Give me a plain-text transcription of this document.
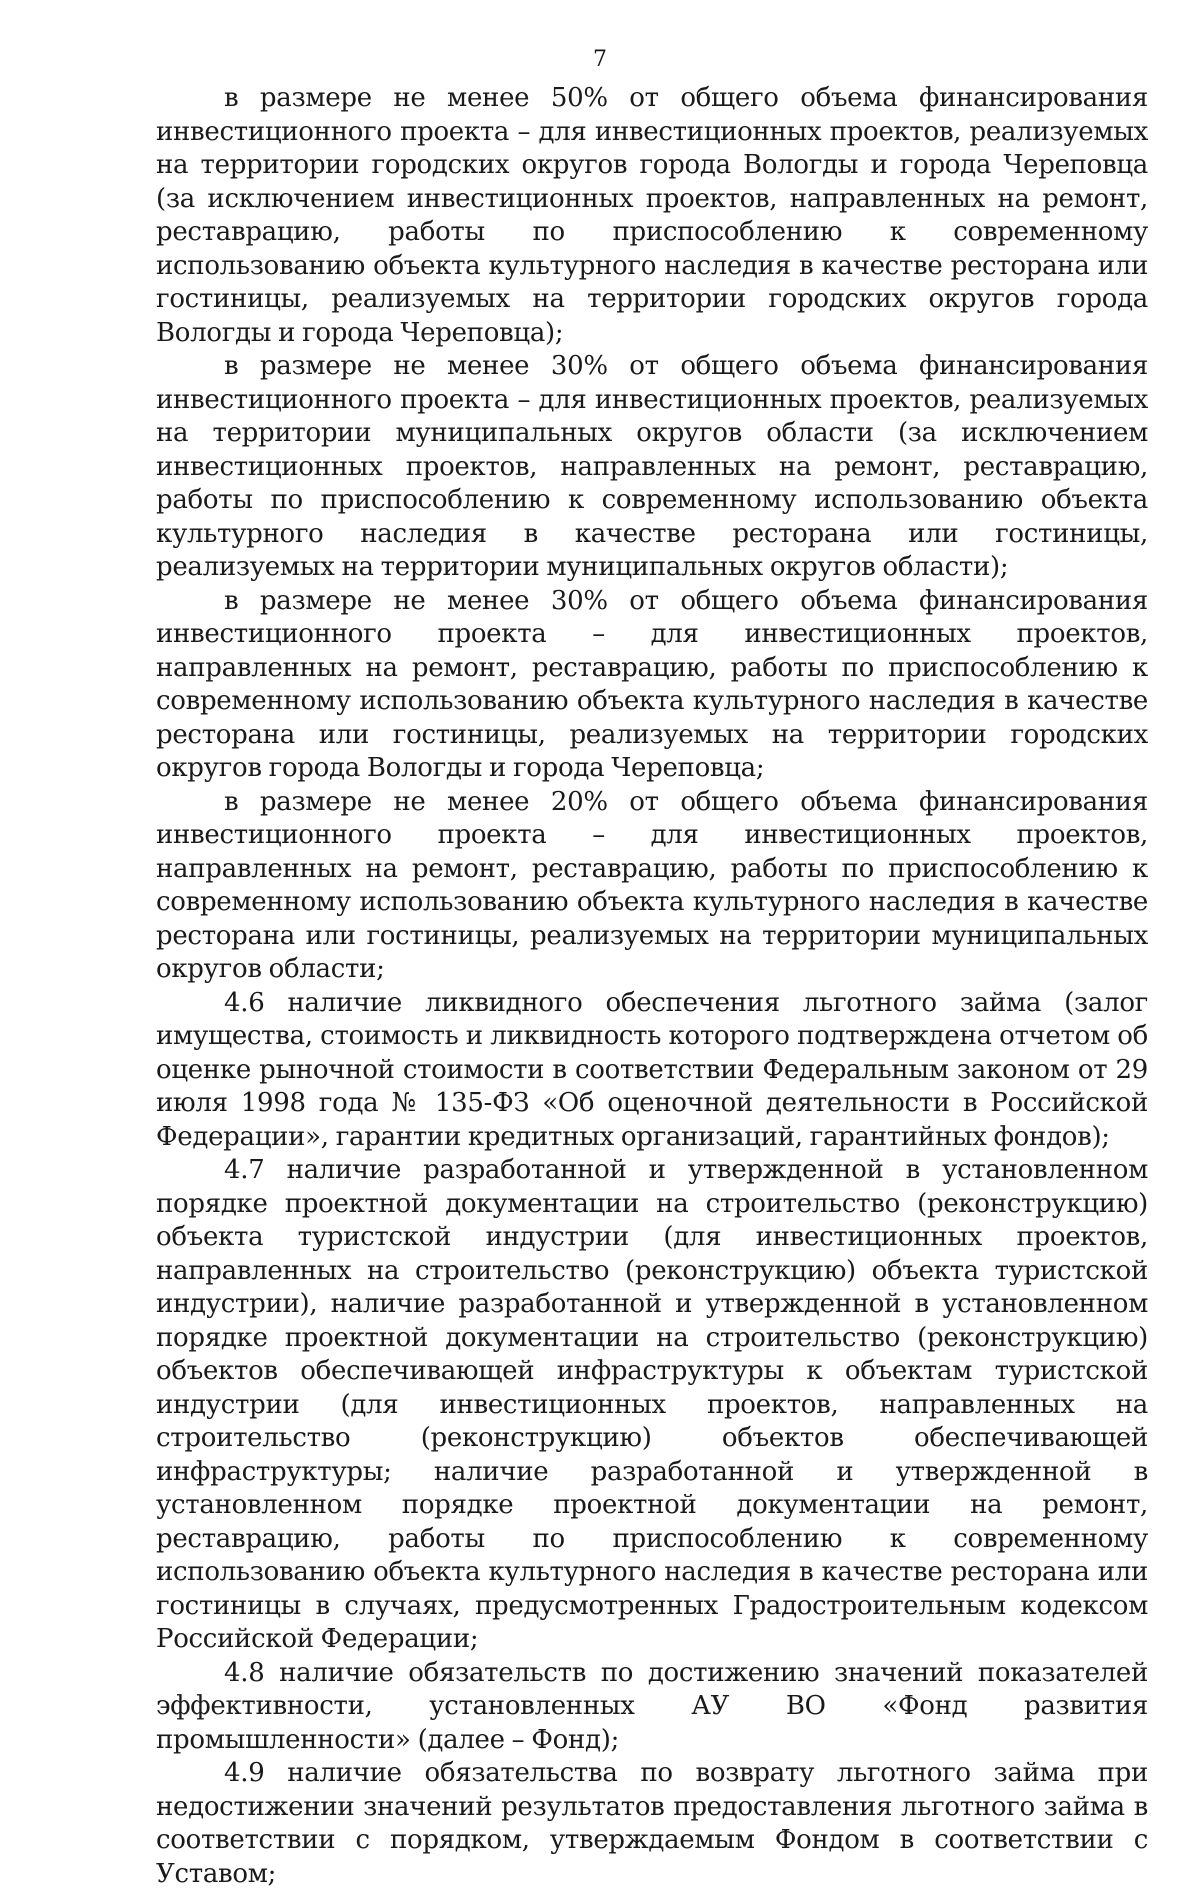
7

в размере не менее 50% от общего объема финансирования инвестиционного проекта – для инвестиционных проектов, реализуемых на территории городских округов города Вологды и города Череповца (за исключением инвестиционных проектов, направленных на ремонт, реставрацию, работы по приспособлению к современному использованию объекта культурного наследия в качестве ресторана или гостиницы, реализуемых на территории городских округов города Вологды и города Череповца);

в размере не менее 30% от общего объема финансирования инвестиционного проекта – для инвестиционных проектов, реализуемых на территории муниципальных округов области (за исключением инвестиционных проектов, направленных на ремонт, реставрацию, работы по приспособлению к современному использованию объекта культурного наследия в качестве ресторана или гостиницы, реализуемых на территории муниципальных округов области);

в размере не менее 30% от общего объема финансирования инвестиционного проекта – для инвестиционных проектов, направленных на ремонт, реставрацию, работы по приспособлению к современному использованию объекта культурного наследия в качестве ресторана или гостиницы, реализуемых на территории городских округов города Вологды и города Череповца;

в размере не менее 20% от общего объема финансирования инвестиционного проекта – для инвестиционных проектов, направленных на ремонт, реставрацию, работы по приспособлению к современному использованию объекта культурного наследия в качестве ресторана или гостиницы, реализуемых на территории муниципальных округов области;

4.6 наличие ликвидного обеспечения льготного займа (залог имущества, стоимость и ликвидность которого подтверждена отчетом об оценке рыночной стоимости в соответствии Федеральным законом от 29 июля 1998 года № 135-ФЗ «Об оценочной деятельности в Российской Федерации», гарантии кредитных организаций, гарантийных фондов);

4.7 наличие разработанной и утвержденной в установленном порядке проектной документации на строительство (реконструкцию) объекта туристской индустрии (для инвестиционных проектов, направленных на строительство (реконструкцию) объекта туристской индустрии), наличие разработанной и утвержденной в установленном порядке проектной документации на строительство (реконструкцию) объектов обеспечивающей инфраструктуры к объектам туристской индустрии (для инвестиционных проектов, направленных на строительство (реконструкцию) объектов обеспечивающей инфраструктуры; наличие разработанной и утвержденной в установленном порядке проектной документации на ремонт, реставрацию, работы по приспособлению к современному использованию объекта культурного наследия в качестве ресторана или гостиницы в случаях, предусмотренных Градостроительным кодексом Российской Федерации;

4.8 наличие обязательств по достижению значений показателей эффективности, установленных АУ ВО «Фонд развития промышленности» (далее – Фонд);

4.9 наличие обязательства по возврату льготного займа при недостижении значений результатов предоставления льготного займа в соответствии с порядком, утверждаемым Фондом в соответствии с Уставом;
